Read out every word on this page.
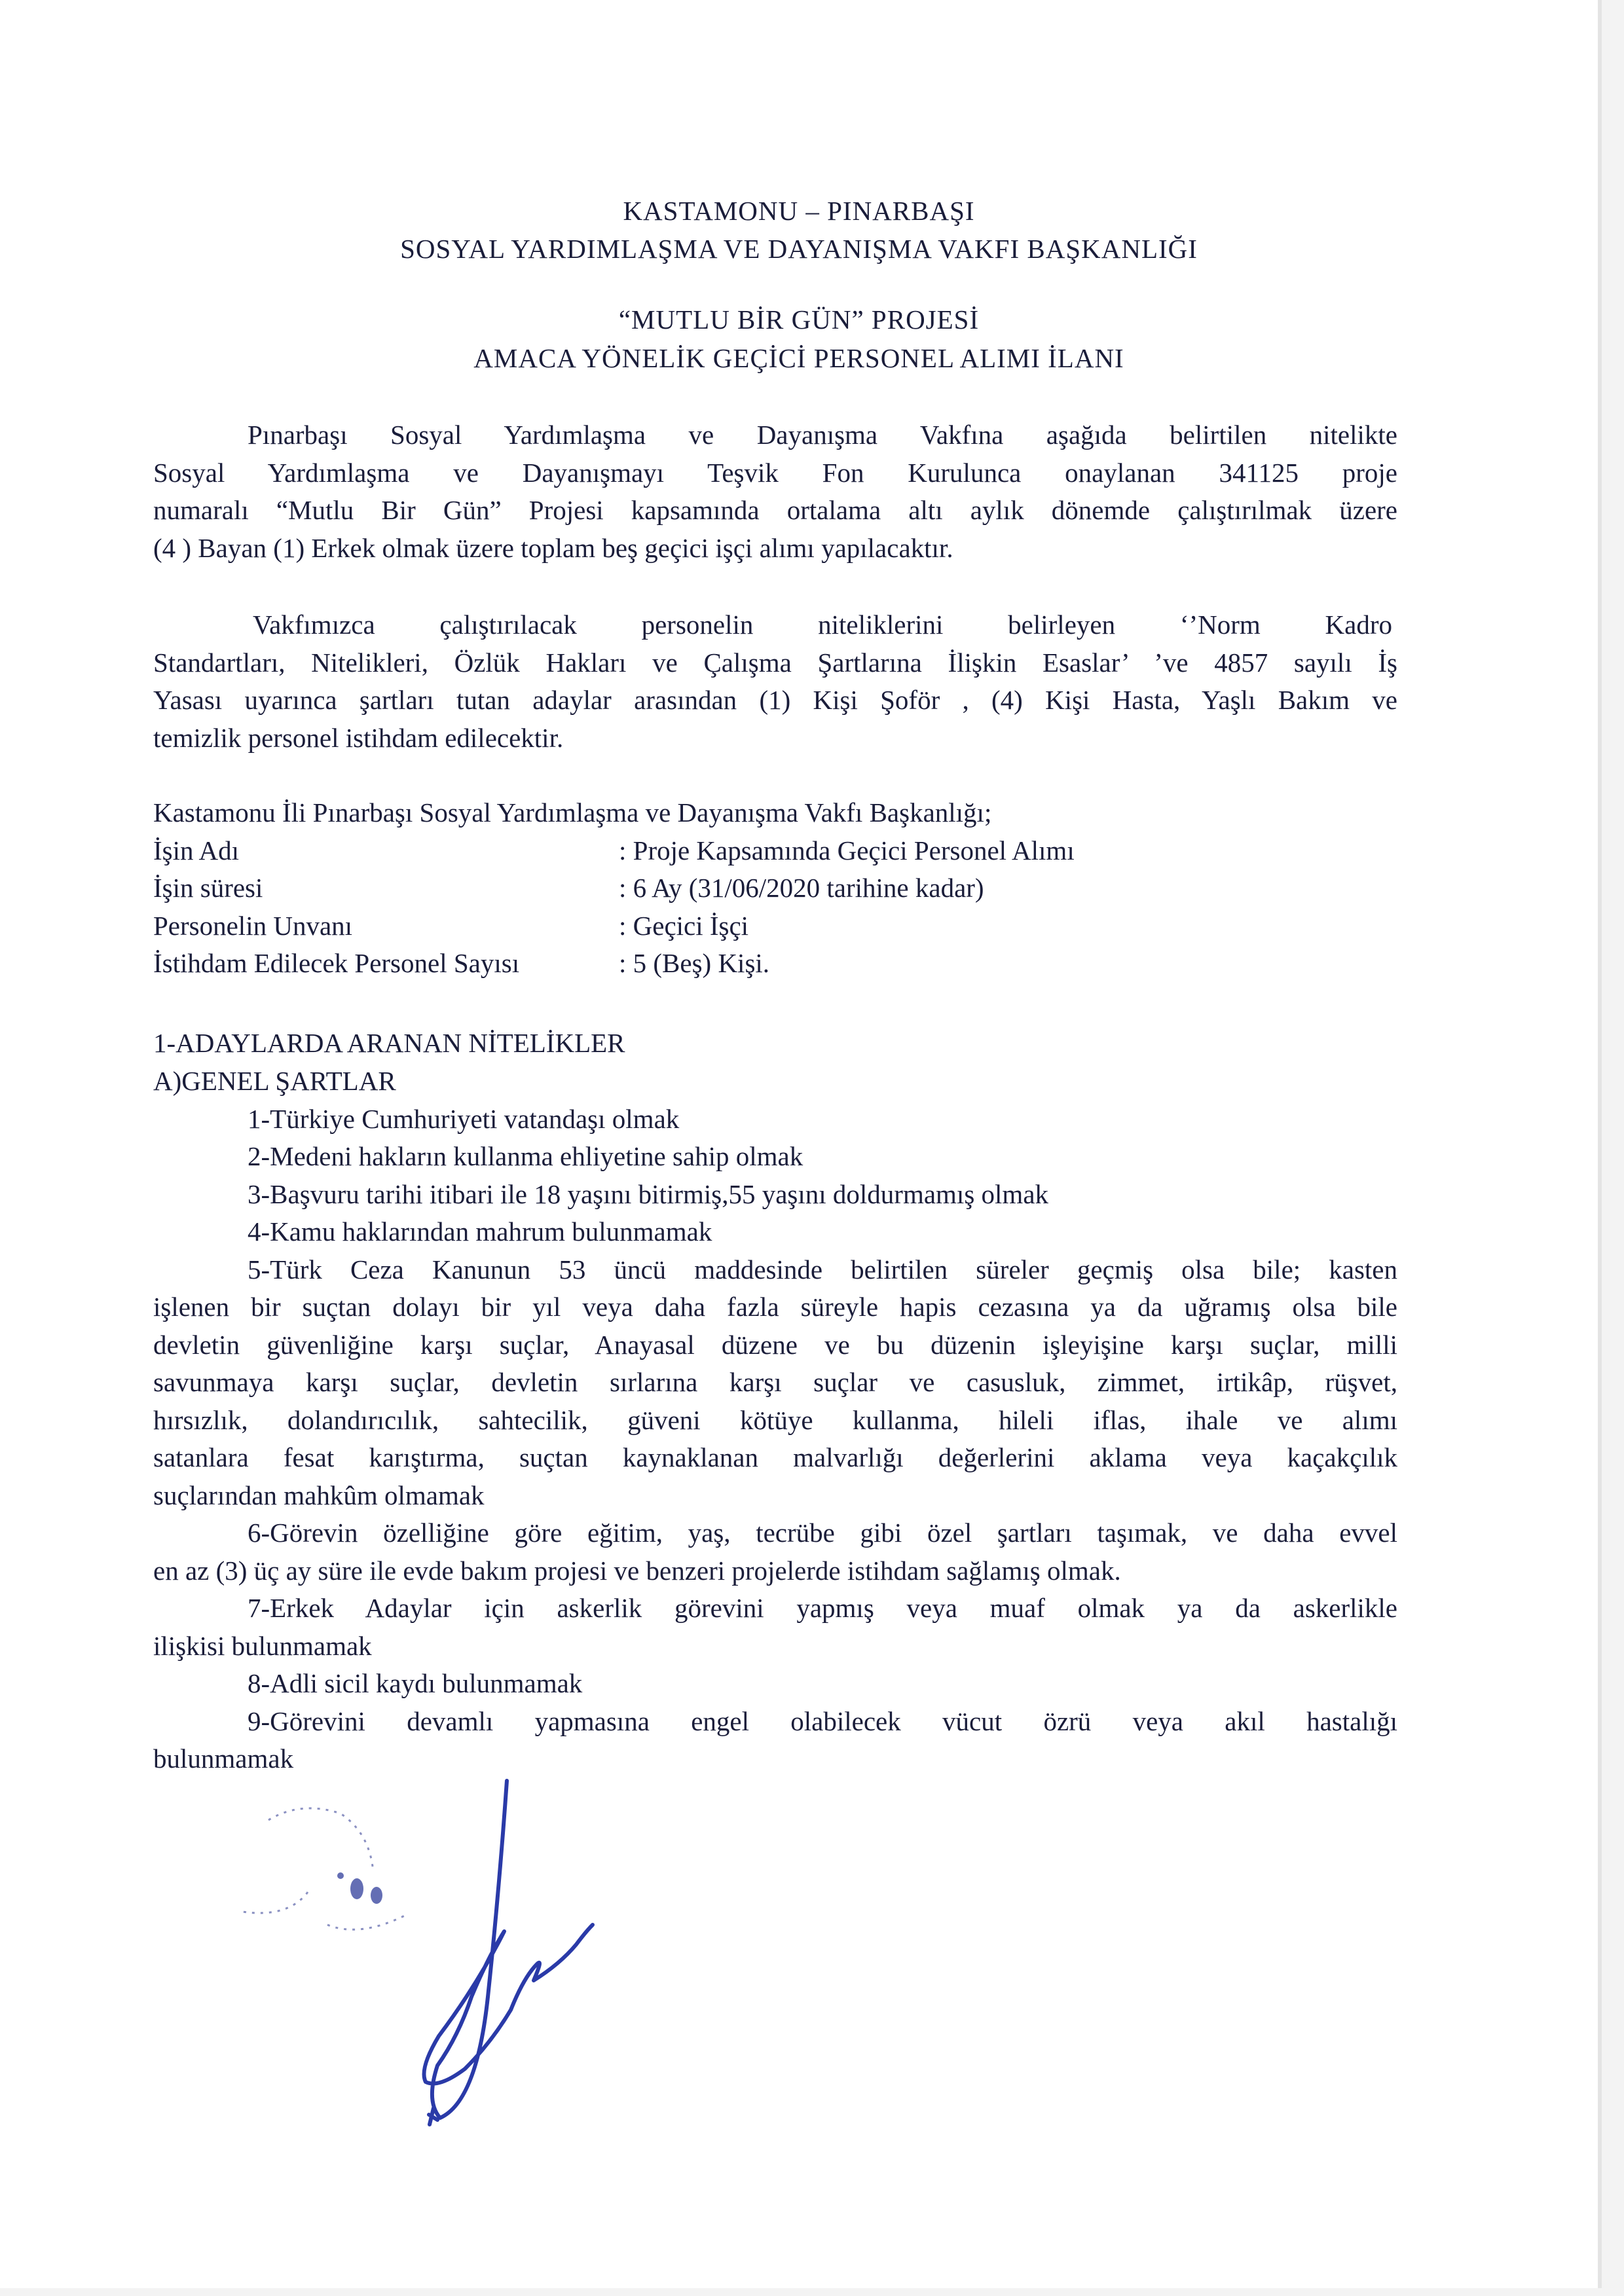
KASTAMONU – PINARBAŞI
SOSYAL YARDIMLAŞMA VE DAYANIŞMA VAKFI BAŞKANLIĞI
“MUTLU BİR GÜN” PROJESİ
AMACA YÖNELİK GEÇİCİ PERSONEL ALIMI İLANI
Pınarbaşı Sosyal Yardımlaşma ve Dayanışma Vakfına aşağıda belirtilen nitelikte
Sosyal Yardımlaşma ve Dayanışmayı Teşvik Fon Kurulunca onaylanan 341125 proje
numaralı “Mutlu Bir Gün” Projesi kapsamında ortalama altı aylık dönemde çalıştırılmak üzere
(4 ) Bayan (1) Erkek olmak üzere toplam beş geçici işçi alımı yapılacaktır.
Vakfımızca çalıştırılacak personelin niteliklerini belirleyen ‘’Norm Kadro
Standartları, Nitelikleri, Özlük Hakları ve Çalışma Şartlarına İlişkin Esaslar’ ’ve 4857 sayılı İş
Yasası uyarınca şartları tutan adaylar arasından (1) Kişi Şoför , (4) Kişi Hasta, Yaşlı Bakım ve
temizlik personel istihdam edilecektir.
Kastamonu İli Pınarbaşı Sosyal Yardımlaşma ve Dayanışma Vakfı Başkanlığı;
İşin Adı	: Proje Kapsamında Geçici Personel Alımı
İşin süresi	: 6 Ay (31/06/2020 tarihine kadar)
Personelin Unvanı	: Geçici İşçi
İstihdam Edilecek Personel Sayısı	: 5 (Beş) Kişi.
1-ADAYLARDA ARANAN NİTELİKLER
A)GENEL ŞARTLAR
1-Türkiye Cumhuriyeti vatandaşı olmak
2-Medeni hakların kullanma ehliyetine sahip olmak
3-Başvuru tarihi itibari ile 18 yaşını bitirmiş,55 yaşını doldurmamış olmak
4-Kamu haklarından mahrum bulunmamak
5-Türk Ceza Kanunun 53 üncü maddesinde belirtilen süreler geçmiş olsa bile; kasten
işlenen bir suçtan dolayı bir yıl veya daha fazla süreyle hapis cezasına ya da uğramış olsa bile
devletin güvenliğine karşı suçlar, Anayasal düzene ve bu düzenin işleyişine karşı suçlar, milli
savunmaya karşı suçlar, devletin sırlarına karşı suçlar ve casusluk, zimmet, irtikâp, rüşvet,
hırsızlık, dolandırıcılık, sahtecilik, güveni kötüye kullanma, hileli iflas, ihale ve alımı
satanlara fesat karıştırma, suçtan kaynaklanan malvarlığı değerlerini aklama veya kaçakçılık
suçlarından mahkûm olmamak
6-Görevin özelliğine göre eğitim, yaş, tecrübe gibi özel şartları taşımak, ve daha evvel
en az (3) üç ay süre ile evde bakım projesi ve benzeri projelerde istihdam sağlamış olmak.
7-Erkek Adaylar için askerlik görevini yapmış veya muaf olmak ya da askerlikle
ilişkisi bulunmamak
8-Adli sicil kaydı bulunmamak
9-Görevini devamlı yapmasına engel olabilecek vücut özrü veya akıl hastalığı
bulunmamak
